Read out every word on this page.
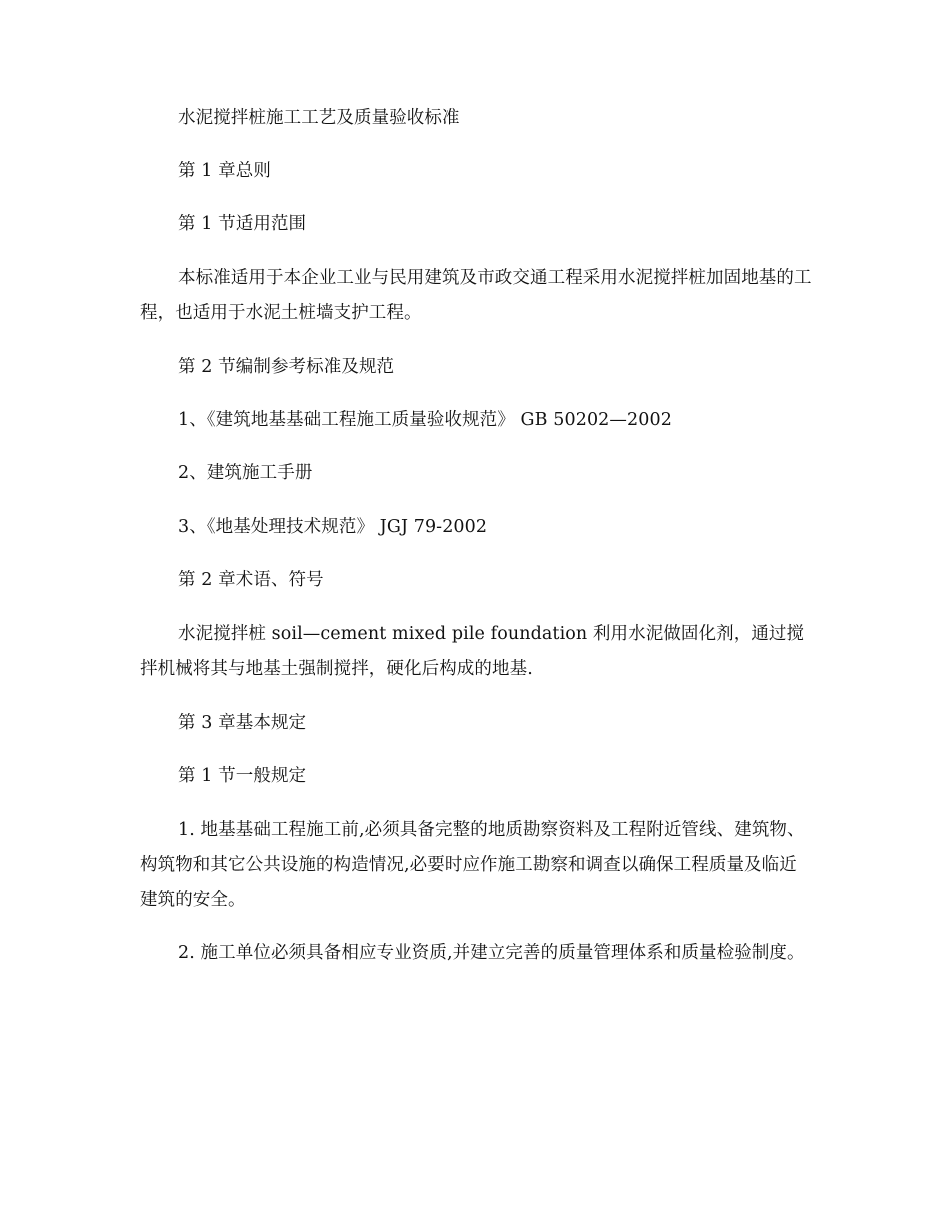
水泥搅拌桩施工工艺及质量验收标准

第 1 章总则

第 1 节适用范围

本标准适用于本企业工业与民用建筑及市政交通工程采用水泥搅拌桩加固地基的工程，也适用于水泥土桩墙支护工程。

第 2 节编制参考标准及规范

1、《建筑地基基础工程施工质量验收规范》 GB 50202—2002

2、建筑施工手册

3、《地基处理技术规范》 JGJ 79-2002

第 2 章术语、符号

水泥搅拌桩 soil—cement mixed pile foundation 利用水泥做固化剂，通过搅拌机械将其与地基土强制搅拌，硬化后构成的地基.

第 3 章基本规定

第 1 节一般规定

1. 地基基础工程施工前,必须具备完整的地质勘察资料及工程附近管线、建筑物、构筑物和其它公共设施的构造情况,必要时应作施工勘察和调查以确保工程质量及临近建筑的安全。

2. 施工单位必须具备相应专业资质,并建立完善的质量管理体系和质量检验制度。
